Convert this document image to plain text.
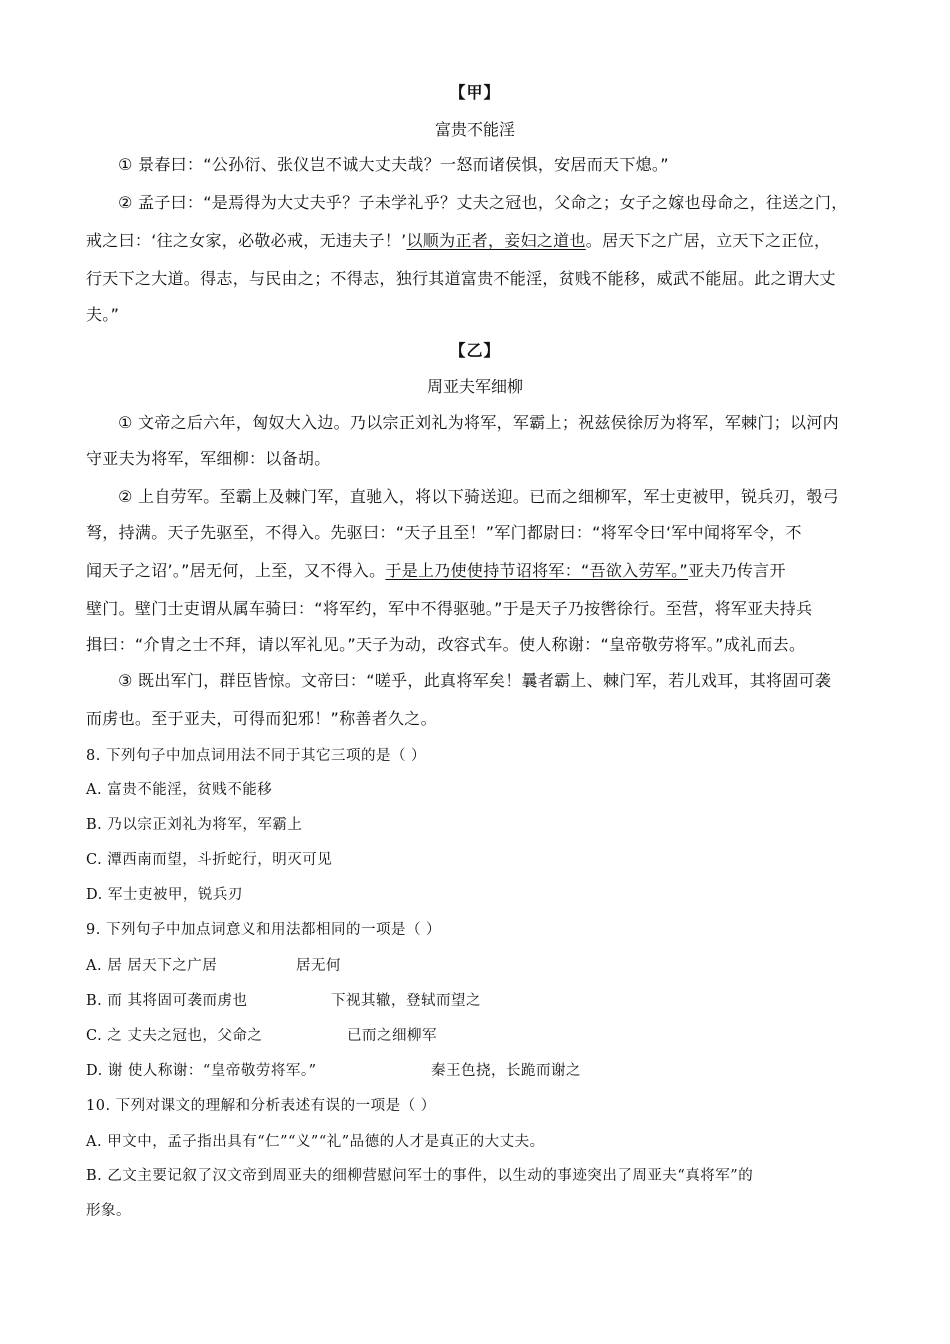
【甲】
富贵不能淫
① 景春曰：“公孙衍、张仪岂不诚大丈夫哉？一怒而诸侯惧，安居而天下熄。”
② 孟子曰：“是焉得为大丈夫乎？子未学礼乎？丈夫之冠也，父命之；女子之嫁也母命之，往送之门，
戒之曰：‘往之女家，必敬必戒，无违夫子！’以顺为正者，妾妇之道也。居天下之广居，立天下之正位，
行天下之大道。得志，与民由之；不得志，独行其道富贵不能淫，贫贱不能移，威武不能屈。此之谓大丈
夫。”
【乙】
周亚夫军细柳
① 文帝之后六年，匈奴大入边。乃以宗正刘礼为将军，军霸上；祝兹侯徐厉为将军，军棘门；以河内
守亚夫为将军，军细柳：以备胡。
② 上自劳军。至霸上及棘门军，直驰入，将以下骑送迎。已而之细柳军，军士吏被甲，锐兵刃，彀弓
弩，持满。天子先驱至，不得入。先驱曰：“天子且至！”军门都尉曰：“将军令曰‘军中闻将军令，不
闻天子之诏’。”居无何，上至，又不得入。于是上乃使使持节诏将军：“吾欲入劳军。”亚夫乃传言开
壁门。壁门士吏谓从属车骑曰：“将军约，军中不得驱驰。”于是天子乃按辔徐行。至营，将军亚夫持兵
揖曰：“介胄之士不拜，请以军礼见。”天子为动，改容式车。使人称谢：“皇帝敬劳将军。”成礼而去。
③ 既出军门，群臣皆惊。文帝曰：“嗟乎，此真将军矣！曩者霸上、棘门军，若儿戏耳，其将固可袭
而虏也。至于亚夫，可得而犯邪！”称善者久之。
8. 下列句子中加点词用法不同于其它三项的是（ ）
A. 富贵不能淫，贫贱不能移
B. 乃以宗正刘礼为将军，军霸上
C. 潭西南而望，斗折蛇行，明灭可见
D. 军士吏被甲，锐兵刃
9. 下列句子中加点词意义和用法都相同的一项是（ ）
A. 居 居天下之广居	居无何
B. 而 其将固可袭而虏也	下视其辙，登轼而望之
C. 之 丈夫之冠也，父命之	已而之细柳军
D. 谢 使人称谢：“皇帝敬劳将军。”	秦王色挠，长跪而谢之
10. 下列对课文的理解和分析表述有误的一项是（ ）
A. 甲文中，孟子指出具有“仁”“义”“礼”品德的人才是真正的大丈夫。
B. 乙文主要记叙了汉文帝到周亚夫的细柳营慰问军士的事件，以生动的事迹突出了周亚夫“真将军”的
形象。
